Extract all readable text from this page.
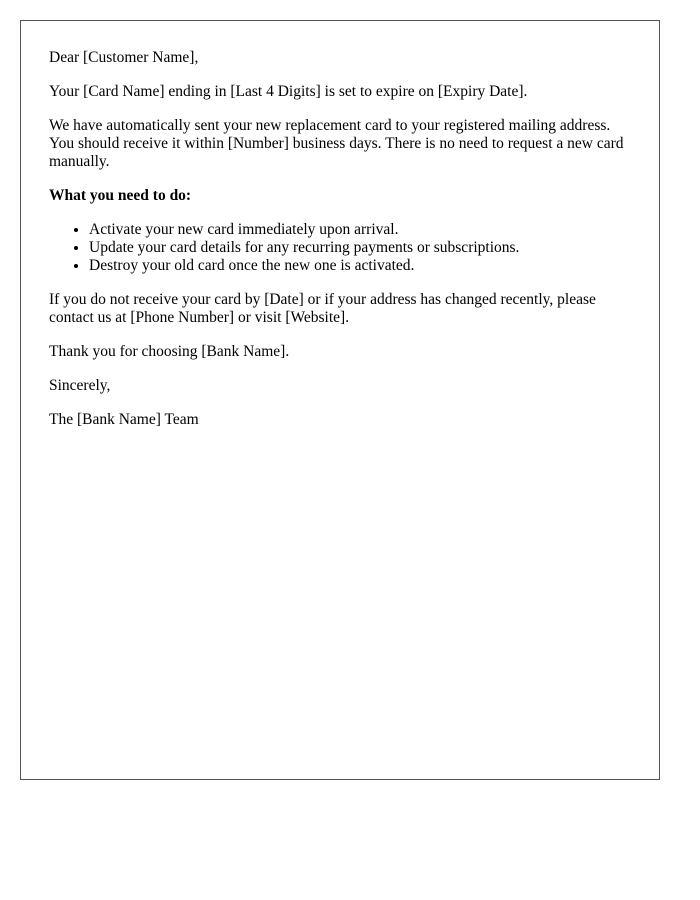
Dear [Customer Name],

Your [Card Name] ending in [Last 4 Digits] is set to expire on [Expiry Date].

We have automatically sent your new replacement card to your registered mailing address. You should receive it within [Number] business days. There is no need to request a new card manually.

What you need to do:

• Activate your new card immediately upon arrival.
• Update your card details for any recurring payments or subscriptions.
• Destroy your old card once the new one is activated.

If you do not receive your card by [Date] or if your address has changed recently, please contact us at [Phone Number] or visit [Website].

Thank you for choosing [Bank Name].

Sincerely,

The [Bank Name] Team
